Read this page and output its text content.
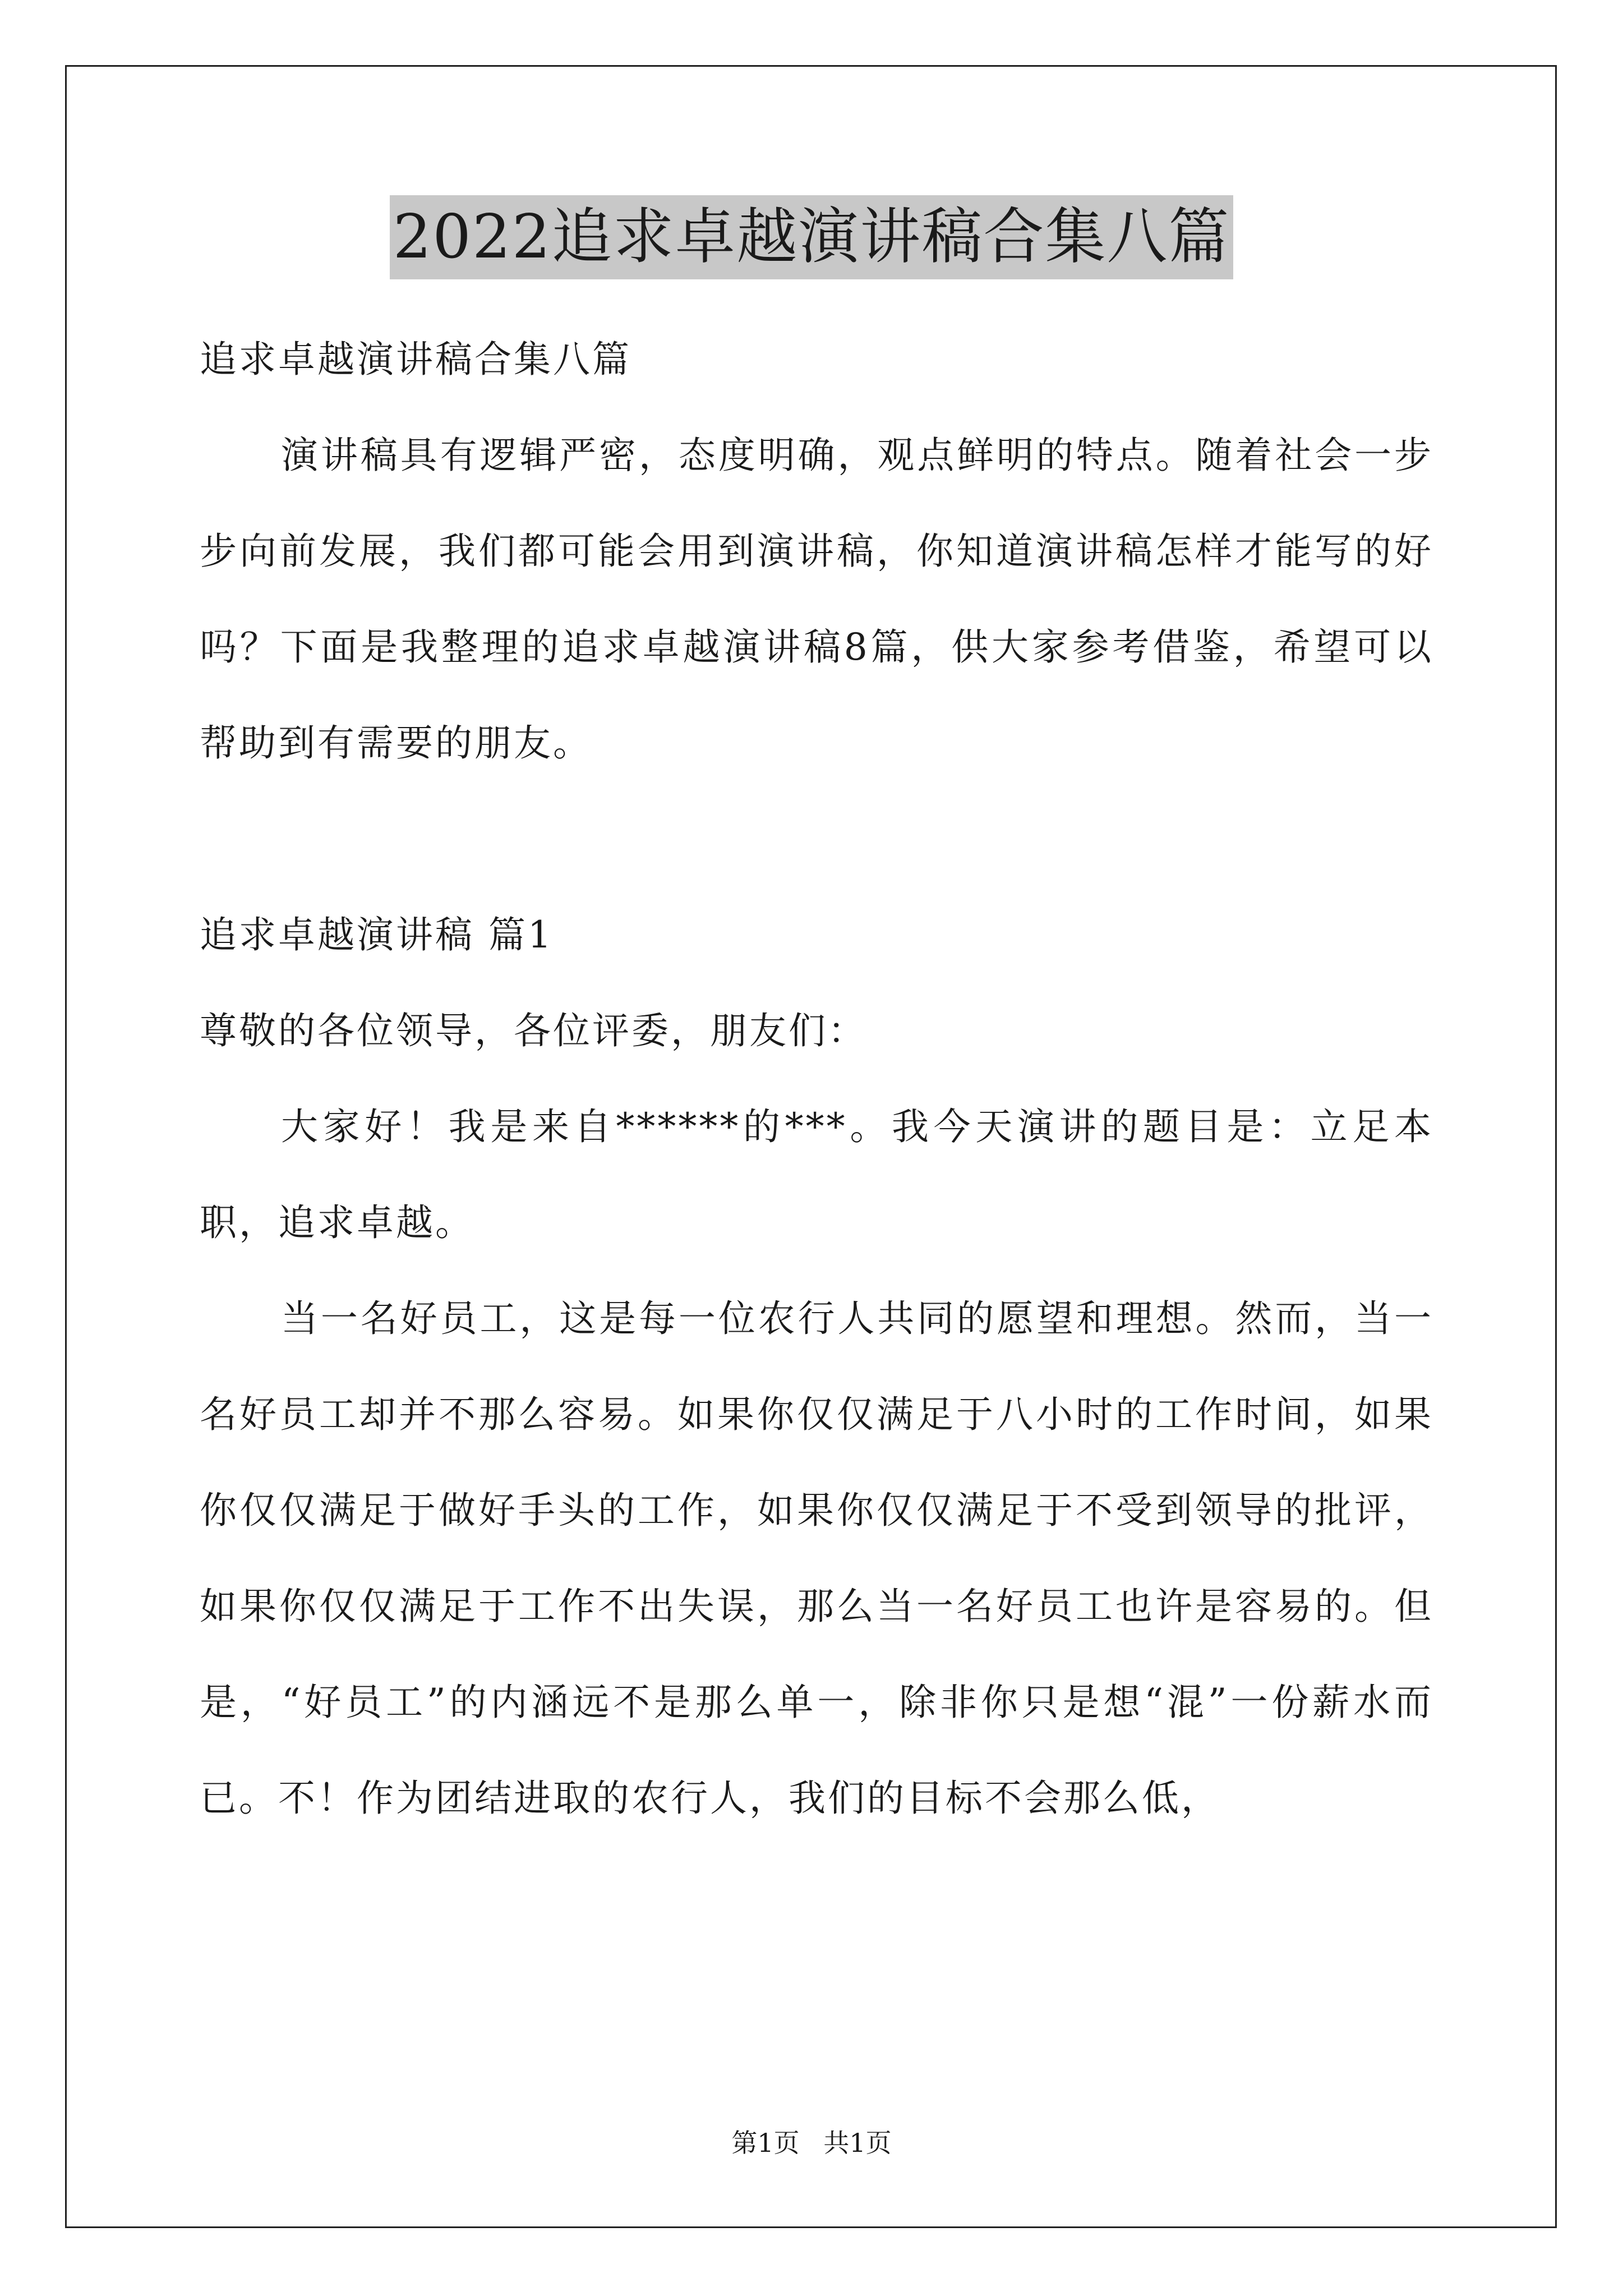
2022追求卓越演讲稿合集八篇

追求卓越演讲稿合集八篇

演讲稿具有逻辑严密，态度明确，观点鲜明的特点。随着社会一步步向前发展，我们都可能会用到演讲稿，你知道演讲稿怎样才能写的好吗？下面是我整理的追求卓越演讲稿8篇，供大家参考借鉴，希望可以帮助到有需要的朋友。

追求卓越演讲稿 篇1

尊敬的各位领导，各位评委，朋友们：

大家好！我是来自******的***。我今天演讲的题目是：立足本职，追求卓越。

当一名好员工，这是每一位农行人共同的愿望和理想。然而，当一名好员工却并不那么容易。如果你仅仅满足于八小时的工作时间，如果你仅仅满足于做好手头的工作，如果你仅仅满足于不受到领导的批评，如果你仅仅满足于工作不出失误，那么当一名好员工也许是容易的。但是，“好员工”的内涵远不是那么单一，除非你只是想“混”一份薪水而已。不！作为团结进取的农行人，我们的目标不会那么低，

第1页 共1页
